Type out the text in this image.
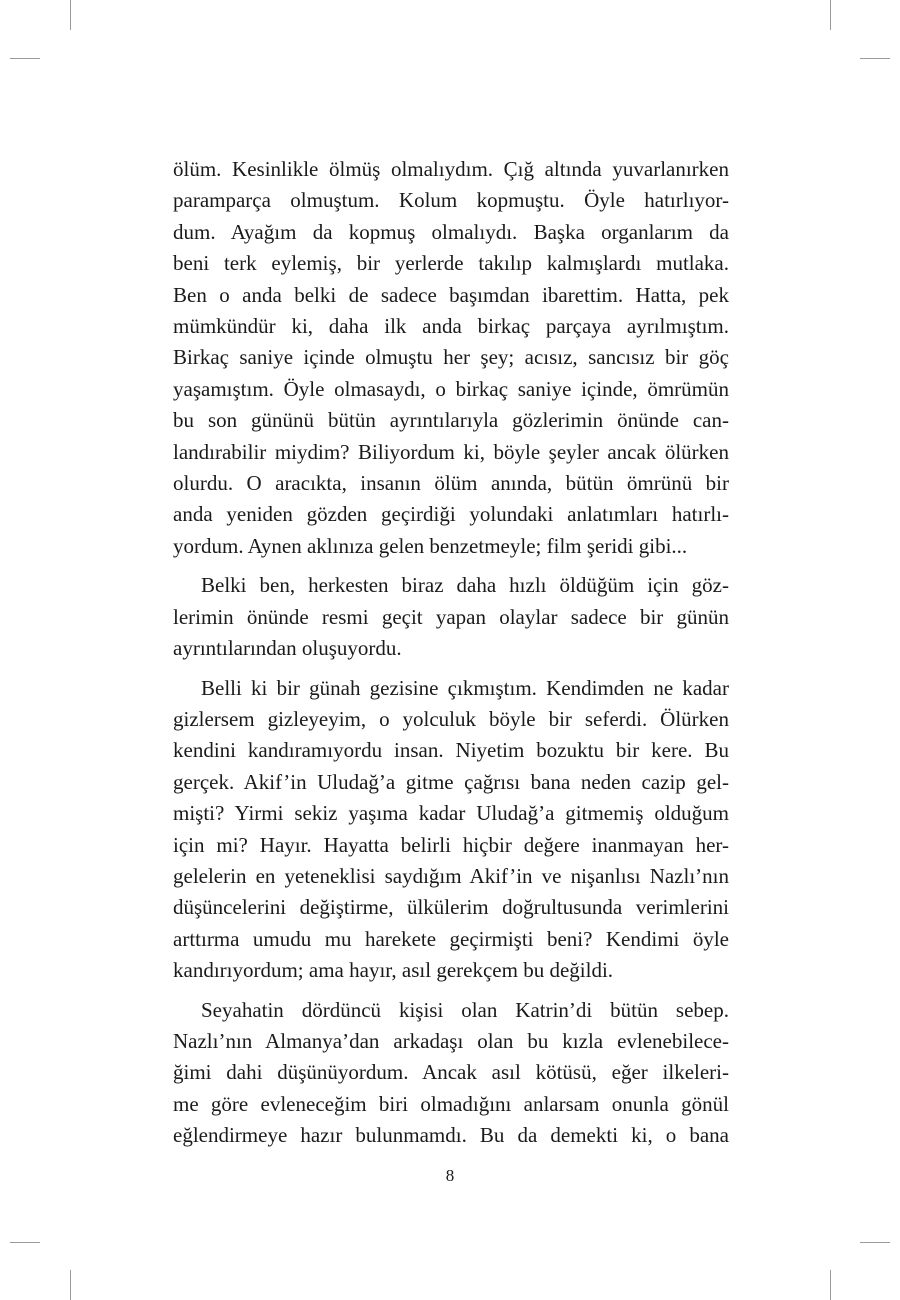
ölüm. Kesinlikle ölmüş olmalıydım. Çığ altında yuvarlanırken
paramparça olmuştum. Kolum kopmuştu. Öyle hatırlıyor-
dum. Ayağım da kopmuş olmalıydı. Başka organlarım da
beni terk eylemiş, bir yerlerde takılıp kalmışlardı mutlaka.
Ben o anda belki de sadece başımdan ibarettim. Hatta, pek
mümkündür ki, daha ilk anda birkaç parçaya ayrılmıştım.
Birkaç saniye içinde olmuştu her şey; acısız, sancısız bir göç
yaşamıştım. Öyle olmasaydı, o birkaç saniye içinde, ömrümün
bu son gününü bütün ayrıntılarıyla gözlerimin önünde can-
landırabilir miydim? Biliyordum ki, böyle şeyler ancak ölürken
olurdu. O aracıkta, insanın ölüm anında, bütün ömrünü bir
anda yeniden gözden geçirdiği yolundaki anlatımları hatırlı-
yordum. Aynen aklınıza gelen benzetmeyle; film şeridi gibi...

Belki ben, herkesten biraz daha hızlı öldüğüm için göz-
lerimin önünde resmi geçit yapan olaylar sadece bir günün
ayrıntılarından oluşuyordu.

Belli ki bir günah gezisine çıkmıştım. Kendimden ne kadar
gizlersem gizleyeyim, o yolculuk böyle bir seferdi. Ölürken
kendini kandıramıyordu insan. Niyetim bozuktu bir kere. Bu
gerçek. Akif’in Uludağ’a gitme çağrısı bana neden cazip gel-
mişti? Yirmi sekiz yaşıma kadar Uludağ’a gitmemiş olduğum
için mi? Hayır. Hayatta belirli hiçbir değere inanmayan her-
gelelerin en yeteneklisi saydığım Akif’in ve nişanlısı Nazlı’nın
düşüncelerini değiştirme, ülkülerim doğrultusunda verimlerini
arttırma umudu mu harekete geçirmişti beni? Kendimi öyle
kandırıyordum; ama hayır, asıl gerekçem bu değildi.

Seyahatin dördüncü kişisi olan Katrin’di bütün sebep.
Nazlı’nın Almanya’dan arkadaşı olan bu kızla evlenebilece-
ğimi dahi düşünüyordum. Ancak asıl kötüsü, eğer ilkeleri-
me göre evleneceğim biri olmadığını anlarsam onunla gönül
eğlendirmeye hazır bulunmamdı. Bu da demekti ki, o bana

8
